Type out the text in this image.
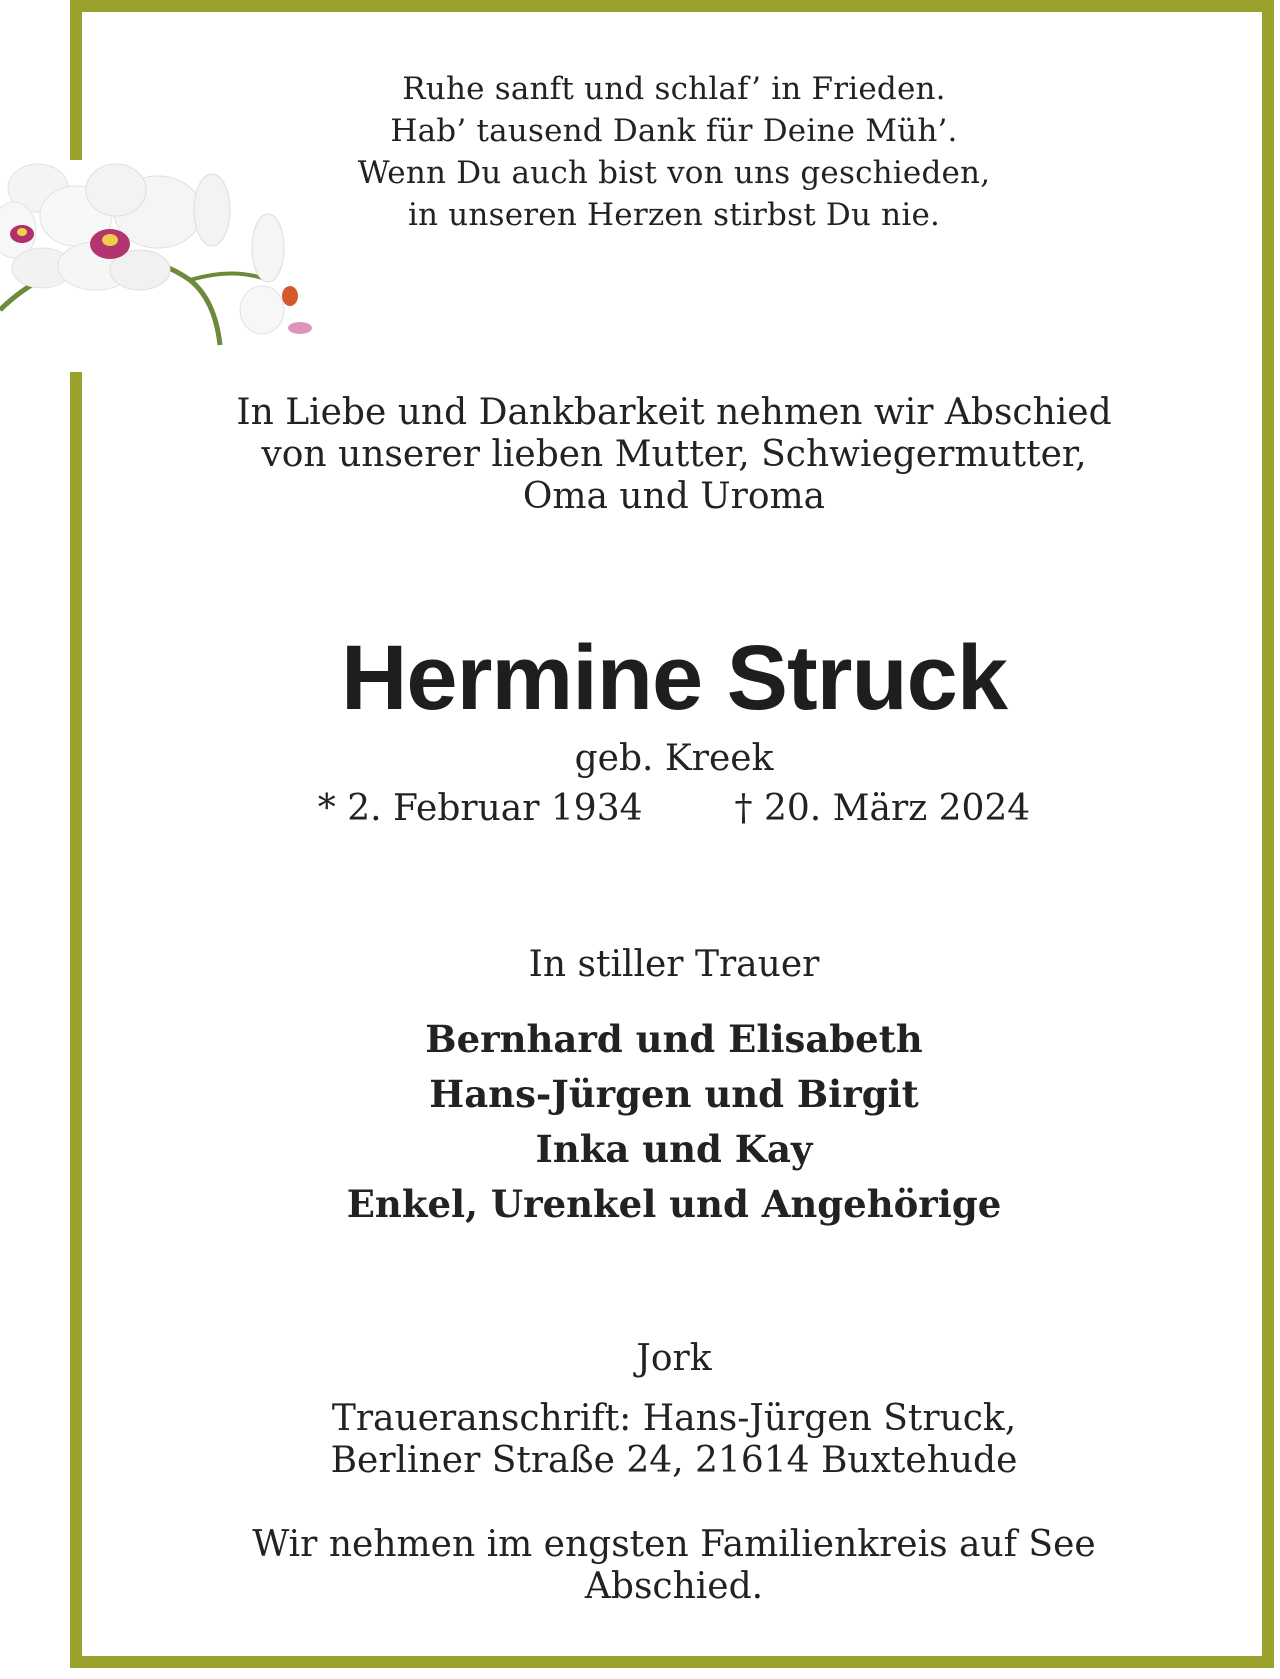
Ruhe sanft und schlaf’ in Frieden.
Hab’ tausend Dank für Deine Müh’.
Wenn Du auch bist von uns geschieden,
in unseren Herzen stirbst Du nie.
In Liebe und Dankbarkeit nehmen wir Abschied
von unserer lieben Mutter, Schwiegermutter,
Oma und Uroma
Hermine Struck
geb. Kreek
* 2. Februar 1934	† 20. März 2024
In stiller Trauer
Bernhard und Elisabeth
Hans-Jürgen und Birgit
Inka und Kay
Enkel, Urenkel und Angehörige
Jork
Traueranschrift: Hans-Jürgen Struck,
Berliner Straße 24, 21614 Buxtehude
Wir nehmen im engsten Familienkreis auf See
Abschied.
